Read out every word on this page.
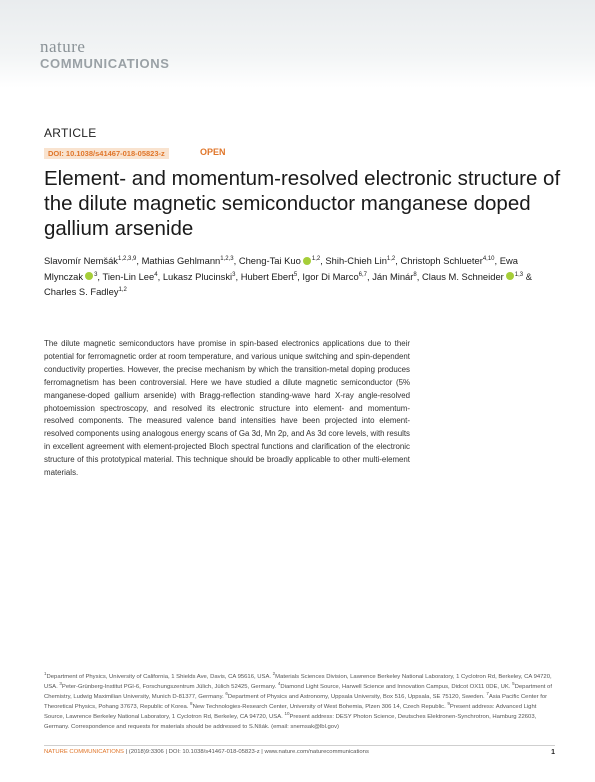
nature
COMMUNICATIONS
ARTICLE
DOI: 10.1038/s41467-018-05823-z	OPEN
Element- and momentum-resolved electronic structure of the dilute magnetic semiconductor manganese doped gallium arsenide
Slavomír Nemšák$^{1,2,3,9}$, Mathias Gehlmann$^{1,2,3}$, Cheng-Tai Kuo $^{1,2}$, Shih-Chieh Lin$^{1,2}$, Christoph Schlueter$^{4,10}$, Ewa Mlynczak $^3$, Tien-Lin Lee$^4$, Lukasz Plucinski$^3$, Hubert Ebert$^5$, Igor Di Marco$^{6,7}$, Ján Minár$^8$, Claus M. Schneider $^{1,3}$ & Charles S. Fadley$^{1,2}$
The dilute magnetic semiconductors have promise in spin-based electronics applications due to their potential for ferromagnetic order at room temperature, and various unique switching and spin-dependent conductivity properties. However, the precise mechanism by which the transition-metal doping produces ferromagnetism has been controversial. Here we have studied a dilute magnetic semiconductor (5% manganese-doped gallium arsenide) with Bragg-reflection standing-wave hard X-ray angle-resolved photoemission spectroscopy, and resolved its electronic structure into element- and momentum- resolved components. The measured valence band intensities have been projected into element-resolved components using analogous energy scans of Ga 3d, Mn 2p, and As 3d core levels, with results in excellent agreement with element-projected Bloch spectral functions and clarification of the electronic structure of this prototypical material. This technique should be broadly applicable to other multi-element materials.
$^1$Department of Physics, University of California, 1 Shields Ave, Davis, CA 95616, USA. $^2$Materials Sciences Division, Lawrence Berkeley National Laboratory, 1 Cyclotron Rd, Berkeley, CA 94720, USA. $^3$Peter-Grünberg-Institut PGI-6, Forschungszentrum Jülich, Jülich 52425, Germany. $^4$Diamond Light Source, Harwell Science and Innovation Campus, Didcot OX11 0DE, UK. $^5$Department of Chemistry, Ludwig Maximilian University, Munich D-81377, Germany. $^6$Department of Physics and Astronomy, Uppsala University, Box 516, Uppsala, SE 75120, Sweden. $^7$Asia Pacific Center for Theoretical Physics, Pohang 37673, Republic of Korea. $^8$New Technologies-Research Center, University of West Bohemia, Plzen 306 14, Czech Republic. $^9$Present address: Advanced Light Source, Lawrence Berkeley National Laboratory, 1 Cyclotron Rd, Berkeley, CA 94720, USA. $^{10}$Present address: DESY Photon Science, Deutsches Elektronen-Synchrotron, Hamburg 22603, Germany. Correspondence and requests for materials should be addressed to S.Nšák. (email: snemsak@lbl.gov)
NATURE COMMUNICATIONS | (2018)9:3306 | DOI: 10.1038/s41467-018-05823-z | www.nature.com/naturecommunications	1
